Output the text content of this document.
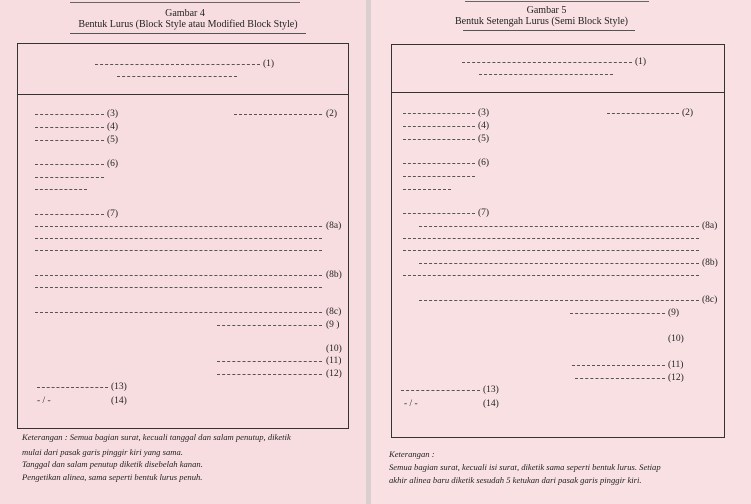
Gambar 4
Bentuk Lurus (Block Style atau Modified Block Style)
(1)
(2)
(3)
(4)
(5)
(6)
(7)
(8a)
(8b)
(8c)
(9 )
(10)
(11)
(12)
(13)
- / -	(14)
Keterangan : Semua bagian surat, kecuali tanggal dan salam penutup, diketik
mulai dari pasak garis pinggir kiri yang sama.
Tanggal dan salam penutup diketik disebelah kanan.
Pengetikan alinea, sama seperti bentuk lurus penuh.
Gambar 5
Bentuk Setengah Lurus (Semi Block Style)
(1)
(2)
(3)
(4)
(5)
(6)
(7)
(8a)
(8b)
(8c)
(9)
(10)
(11)
(12)
(13)
- / -	(14)
Keterangan :
Semua bagian surat, kecuali isi surat, diketik sama seperti bentuk lurus. Setiap
akhir alinea baru diketik sesudah 5 ketukan dari pasak garis pinggir kiri.
